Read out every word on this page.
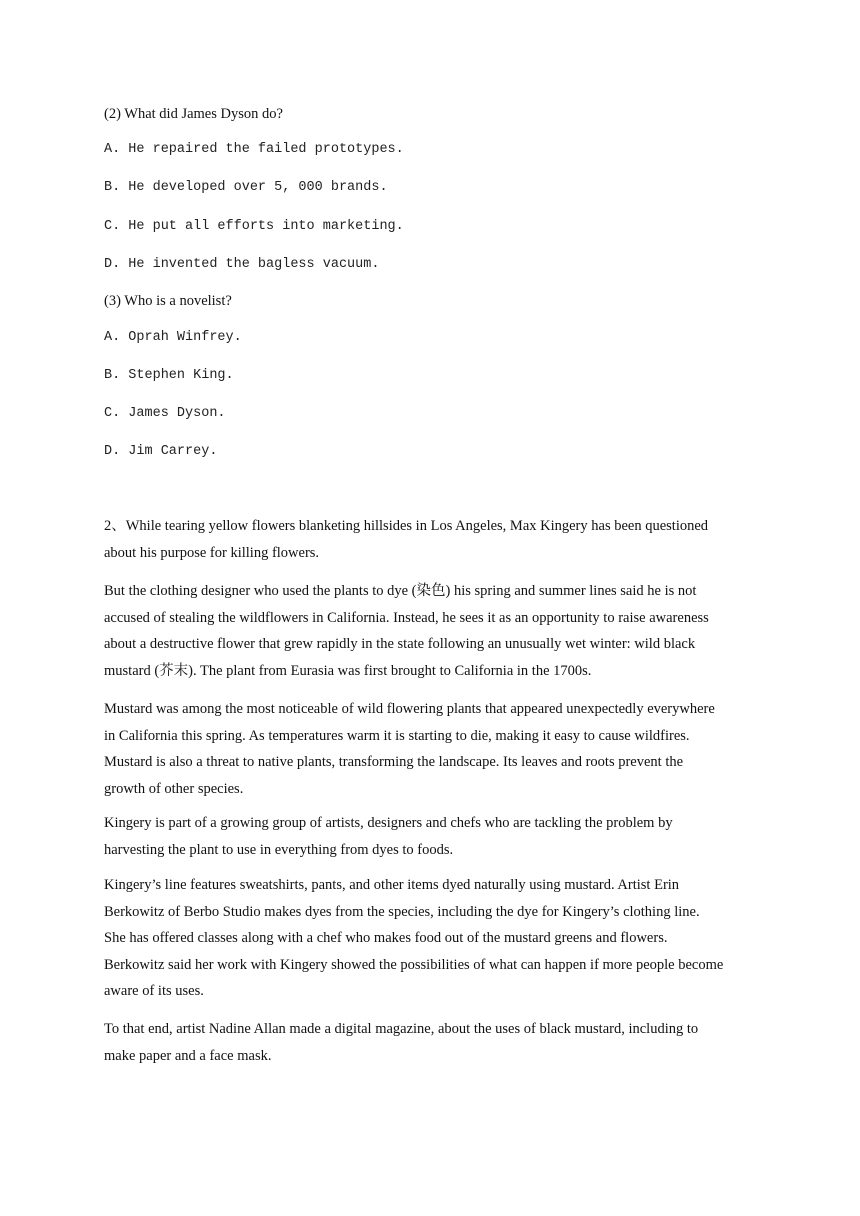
(2) What did James Dyson do?
A. He repaired the failed prototypes.
B. He developed over 5, 000 brands.
C. He put all efforts into marketing.
D. He invented the bagless vacuum.
(3) Who is a novelist?
A. Oprah Winfrey.
B. Stephen King.
C. James Dyson.
D. Jim Carrey.
2、While tearing yellow flowers blanketing hillsides in Los Angeles, Max Kingery has been questioned
about his purpose for killing flowers.
But the clothing designer who used the plants to dye (染色) his spring and summer lines said he is not
accused of stealing the wildflowers in California. Instead, he sees it as an opportunity to raise awareness
about a destructive flower that grew rapidly in the state following an unusually wet winter: wild black
mustard (芥末). The plant from Eurasia was first brought to California in the 1700s.
Mustard was among the most noticeable of wild flowering plants that appeared unexpectedly everywhere
in California this spring. As temperatures warm it is starting to die, making it easy to cause wildfires.
Mustard is also a threat to native plants, transforming the landscape. Its leaves and roots prevent the
growth of other species.
Kingery is part of a growing group of artists, designers and chefs who are tackling the problem by
harvesting the plant to use in everything from dyes to foods.
Kingery’s line features sweatshirts, pants, and other items dyed naturally using mustard. Artist Erin
Berkowitz of Berbo Studio makes dyes from the species, including the dye for Kingery’s clothing line.
She has offered classes along with a chef who makes food out of the mustard greens and flowers.
Berkowitz said her work with Kingery showed the possibilities of what can happen if more people become
aware of its uses.
To that end, artist Nadine Allan made a digital magazine, about the uses of black mustard, including to
make paper and a face mask.
